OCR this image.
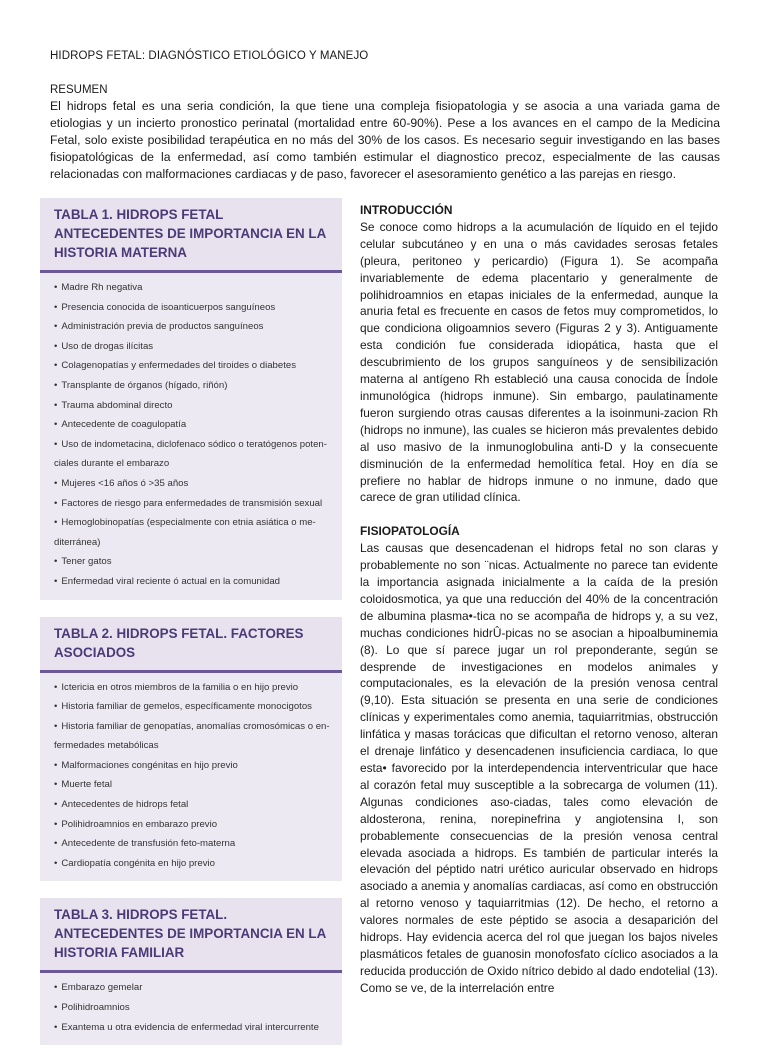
HIDROPS FETAL: DIAGNÓSTICO ETIOLÓGICO Y MANEJO
RESUMEN

El hidrops fetal es una seria condición, la que tiene una compleja fisiopatologia y se asocia a una variada gama de etiologias y un incierto pronostico perinatal (mortalidad entre 60-90%). Pese a los avances en el campo de la Medicina Fetal, solo existe posibilidad terapéutica en no más del 30% de los casos. Es necesario seguir investigando en las bases fisiopatológicas de la enfermedad, así como también estimular el diagnostico precoz, especialmente de las causas relacionadas con malformaciones cardiacas y de paso, favorecer el asesoramiento genético a las parejas en riesgo.

TABLA 1. HIDROPS FETAL ANTECEDENTES DE IMPORTANCIA EN LA HISTORIA MATERNA
• Madre Rh negativa
• Presencia conocida de isoanticuerpos sanguíneos
• Administración previa de productos sanguíneos
• Uso de drogas ilícitas
• Colagenopatías y enfermedades del tiroides o diabetes
• Transplante de órganos (hígado, riñón)
• Trauma abdominal directo
• Antecedente de coagulopatía
• Uso de indometacina, diclofenaco sódico o teratógenos poten-ciales durante el embarazo
• Mujeres <16 años ó >35 años
• Factores de riesgo para enfermedades de transmisión sexual
• Hemoglobinopatías (especialmente con etnia asiática o me-diterránea)
• Tener gatos
• Enfermedad viral reciente ó actual en la comunidad
TABLA 2. HIDROPS FETAL. FACTORES ASOCIADOS
• Ictericia en otros miembros de la familia o en hijo previo
• Historia familiar de gemelos, específicamente monocigotos
• Historia familiar de genopatías, anomalías cromosómicas o en-fermedades metabólicas
• Malformaciones congénitas en hijo previo
• Muerte fetal
• Antecedentes de hidrops fetal
• Polihidroamnios en embarazo previo
• Antecedente de transfusión feto-materna
• Cardiopatía congénita en hijo previo
TABLA 3. HIDROPS FETAL. ANTECEDENTES DE IMPORTANCIA EN LA HISTORIA FAMILIAR
• Embarazo gemelar
• Polihidroamnios
• Exantema u otra evidencia de enfermedad viral intercurrente
INTRODUCCIÓN

Se conoce como hidrops a la acumulación de líquido en el tejido celular subcutáneo y en una o más cavidades serosas fetales (pleura, peritoneo y pericardio) (Figura 1). Se acompaña invariablemente de edema placentario y generalmente de polihidroamnios en etapas iniciales de la enfermedad, aunque la anuria fetal es frecuente en casos de fetos muy comprometidos, lo que condiciona oligoamnios severo (Figuras 2 y 3). Antiguamente esta condición fue considerada idiopática, hasta que el descubrimiento de los grupos sanguíneos y de sensibilización materna al antígeno Rh estableció una causa conocida de Índole inmunológica (hidrops inmune). Sin embargo, paulatinamente fueron surgiendo otras causas diferentes a la isoinmuni-zacion Rh (hidrops no inmune), las cuales se hicieron más prevalentes debido al uso masivo de la inmunoglobulina anti-D y la consecuente disminución de la enfermedad hemolítica fetal. Hoy en día se prefiere no hablar de hidrops inmune o no inmune, dado que carece de gran utilidad clínica.

FISIOPATOLOGÍA

Las causas que desencadenan el hidrops fetal no son claras y probablemente no son ¨nicas. Actualmente no parece tan evidente la importancia asignada inicialmente a la caída de la presión coloidosmotica, ya que una reducción del 40% de la concentración de albumina plasma•-tica no se acompaña de hidrops y, a su vez, muchas condiciones hidrÛ-picas no se asocian a hipoalbuminemia (8). Lo que sí parece jugar un rol preponderante, según se desprende de investigaciones en modelos animales y computacionales, es la elevación de la presión venosa central (9,10). Esta situación se presenta en una serie de condiciones clínicas y experimentales como anemia, taquiarritmias, obstrucción linfática y masas torácicas que dificultan el retorno venoso, alteran el drenaje linfático y desencadenen insuficiencia cardiaca, lo que esta• favorecido por la interdependencia interventricular que hace al corazón fetal muy susceptible a la sobrecarga de volumen (11). Algunas condiciones aso-ciadas, tales como elevación de aldosterona, renina, norepinefrina y angiotensina I, son probablemente consecuencias de la presión venosa central elevada asociada a hidrops. Es también de particular interés la elevación del péptido natri urético auricular observado en hidrops asociado a anemia y anomalías cardiacas, así como en obstrucción al retorno venoso y taquiarritmias (12). De hecho, el retorno a valores normales de este péptido se asocia a desaparición del hidrops. Hay evidencia acerca del rol que juegan los bajos niveles plasmáticos fetales de guanosin monofosfato cíclico asociados a la reducida producción de Oxido nítrico debido al dado endotelial (13). Como se ve, de la interrelación entre
